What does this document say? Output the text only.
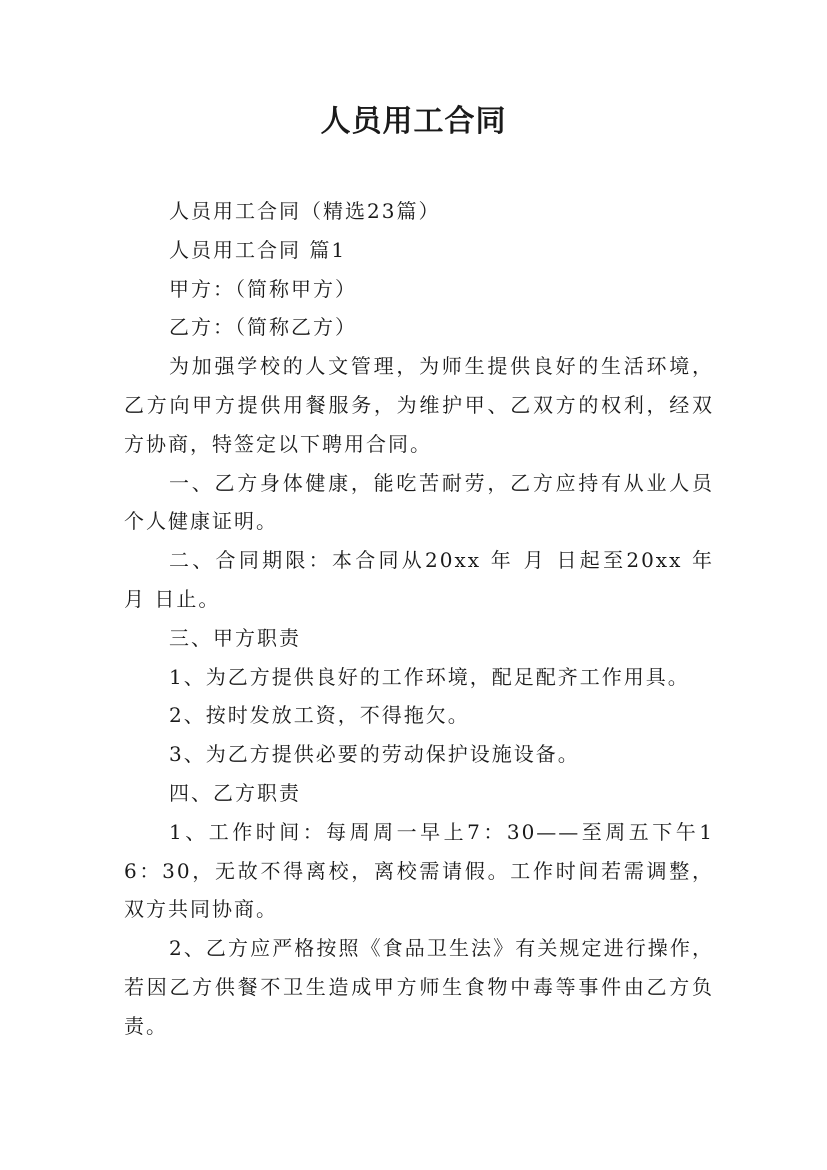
人员用工合同

人员用工合同（精选23篇）

人员用工合同 篇1

甲方：（简称甲方）

乙方：（简称乙方）

为加强学校的人文管理，为师生提供良好的生活环境，乙方向甲方提供用餐服务，为维护甲、乙双方的权利，经双方协商，特签定以下聘用合同。

一、乙方身体健康，能吃苦耐劳，乙方应持有从业人员个人健康证明。

二、合同期限：本合同从20xx 年 月 日起至20xx 年 月 日止。

三、甲方职责

1、为乙方提供良好的工作环境，配足配齐工作用具。

2、按时发放工资，不得拖欠。

3、为乙方提供必要的劳动保护设施设备。

四、乙方职责

1、工作时间：每周周一早上7：30——至周五下午16：30，无故不得离校，离校需请假。工作时间若需调整，双方共同协商。

2、乙方应严格按照《食品卫生法》有关规定进行操作，若因乙方供餐不卫生造成甲方师生食物中毒等事件由乙方负责。
